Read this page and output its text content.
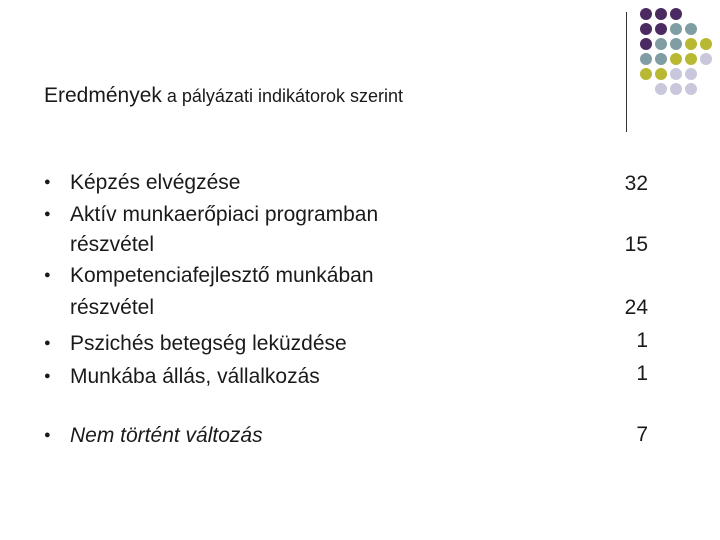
Eredmények a pályázati indikátorok szerint
● Képzés elvégzése	32
● Aktív munkaerőpiaci programban
részvétel	15
● Kompetenciafejlesztő munkában
részvétel	24
● Pszichés betegség leküzdése	1
● Munkába állás, vállalkozás	1
● Nem történt változás	7
